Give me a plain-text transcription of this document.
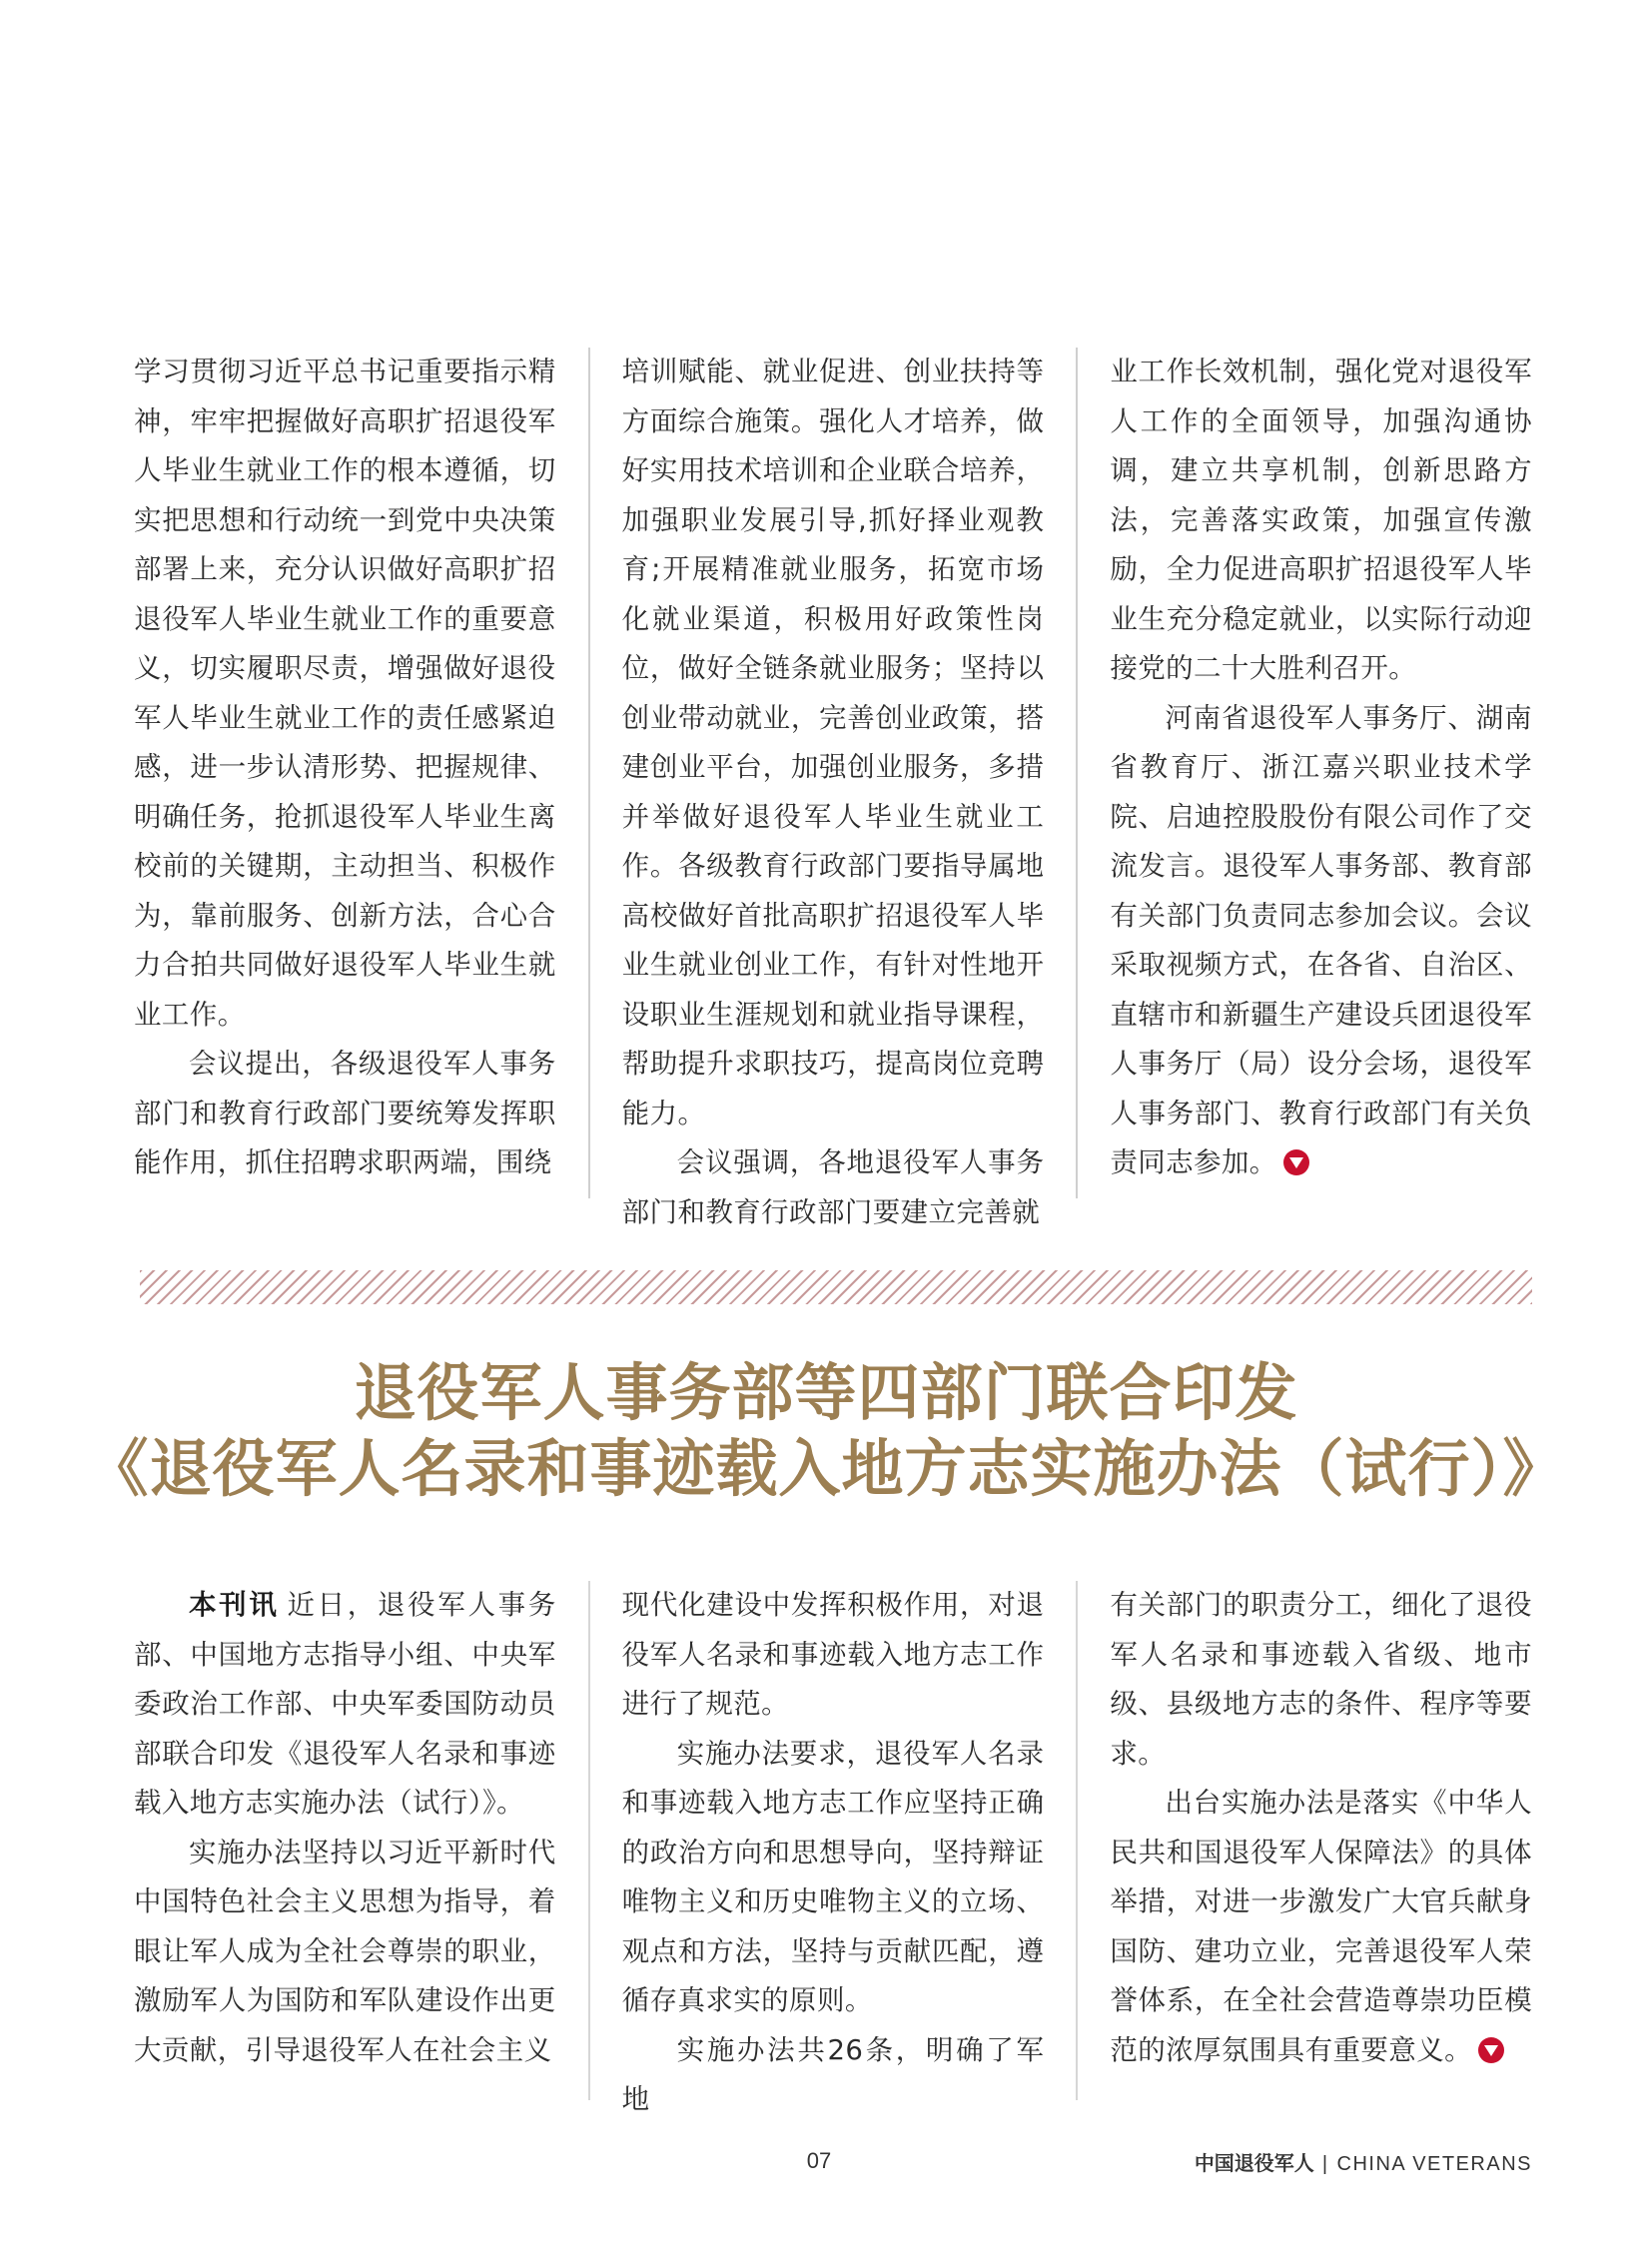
学习贯彻习近平总书记重要指示精神，牢牢把握做好高职扩招退役军人毕业生就业工作的根本遵循，切实把思想和行动统一到党中央决策部署上来，充分认识做好高职扩招退役军人毕业生就业工作的重要意义，切实履职尽责，增强做好退役军人毕业生就业工作的责任感紧迫感，进一步认清形势、把握规律、明确任务，抢抓退役军人毕业生离校前的关键期，主动担当、积极作为，靠前服务、创新方法，合心合力合拍共同做好退役军人毕业生就业工作。

会议提出，各级退役军人事务部门和教育行政部门要统筹发挥职能作用，抓住招聘求职两端，围绕

培训赋能、就业促进、创业扶持等方面综合施策。强化人才培养，做好实用技术培训和企业联合培养，加强职业发展引导,抓好择业观教育;开展精准就业服务，拓宽市场化就业渠道，积极用好政策性岗位，做好全链条就业服务；坚持以创业带动就业，完善创业政策，搭建创业平台，加强创业服务，多措并举做好退役军人毕业生就业工作。各级教育行政部门要指导属地高校做好首批高职扩招退役军人毕业生就业创业工作，有针对性地开设职业生涯规划和就业指导课程，帮助提升求职技巧，提高岗位竞聘能力。

会议强调，各地退役军人事务部门和教育行政部门要建立完善就

业工作长效机制，强化党对退役军人工作的全面领导，加强沟通协调，建立共享机制，创新思路方法，完善落实政策，加强宣传激励，全力促进高职扩招退役军人毕业生充分稳定就业，以实际行动迎接党的二十大胜利召开。

河南省退役军人事务厅、湖南省教育厅、浙江嘉兴职业技术学院、启迪控股股份有限公司作了交流发言。退役军人事务部、教育部有关部门负责同志参加会议。会议采取视频方式，在各省、自治区、直辖市和新疆生产建设兵团退役军人事务厅（局）设分会场，退役军人事务部门、教育行政部门有关负责同志参加。

退役军人事务部等四部门联合印发
《退役军人名录和事迹载入地方志实施办法（试行）》

本刊讯 近日，退役军人事务部、中国地方志指导小组、中央军委政治工作部、中央军委国防动员部联合印发《退役军人名录和事迹载入地方志实施办法（试行）》。

实施办法坚持以习近平新时代中国特色社会主义思想为指导，着眼让军人成为全社会尊崇的职业，激励军人为国防和军队建设作出更大贡献，引导退役军人在社会主义

现代化建设中发挥积极作用，对退役军人名录和事迹载入地方志工作进行了规范。

实施办法要求，退役军人名录和事迹载入地方志工作应坚持正确的政治方向和思想导向，坚持辩证唯物主义和历史唯物主义的立场、观点和方法，坚持与贡献匹配，遵循存真求实的原则。

实施办法共26条，明确了军地

有关部门的职责分工，细化了退役军人名录和事迹载入省级、地市级、县级地方志的条件、程序等要求。

出台实施办法是落实《中华人民共和国退役军人保障法》的具体举措，对进一步激发广大官兵献身国防、建功立业，完善退役军人荣誉体系，在全社会营造尊崇功臣模范的浓厚氛围具有重要意义。

07	中国退役军人 | CHINA VETERANS
